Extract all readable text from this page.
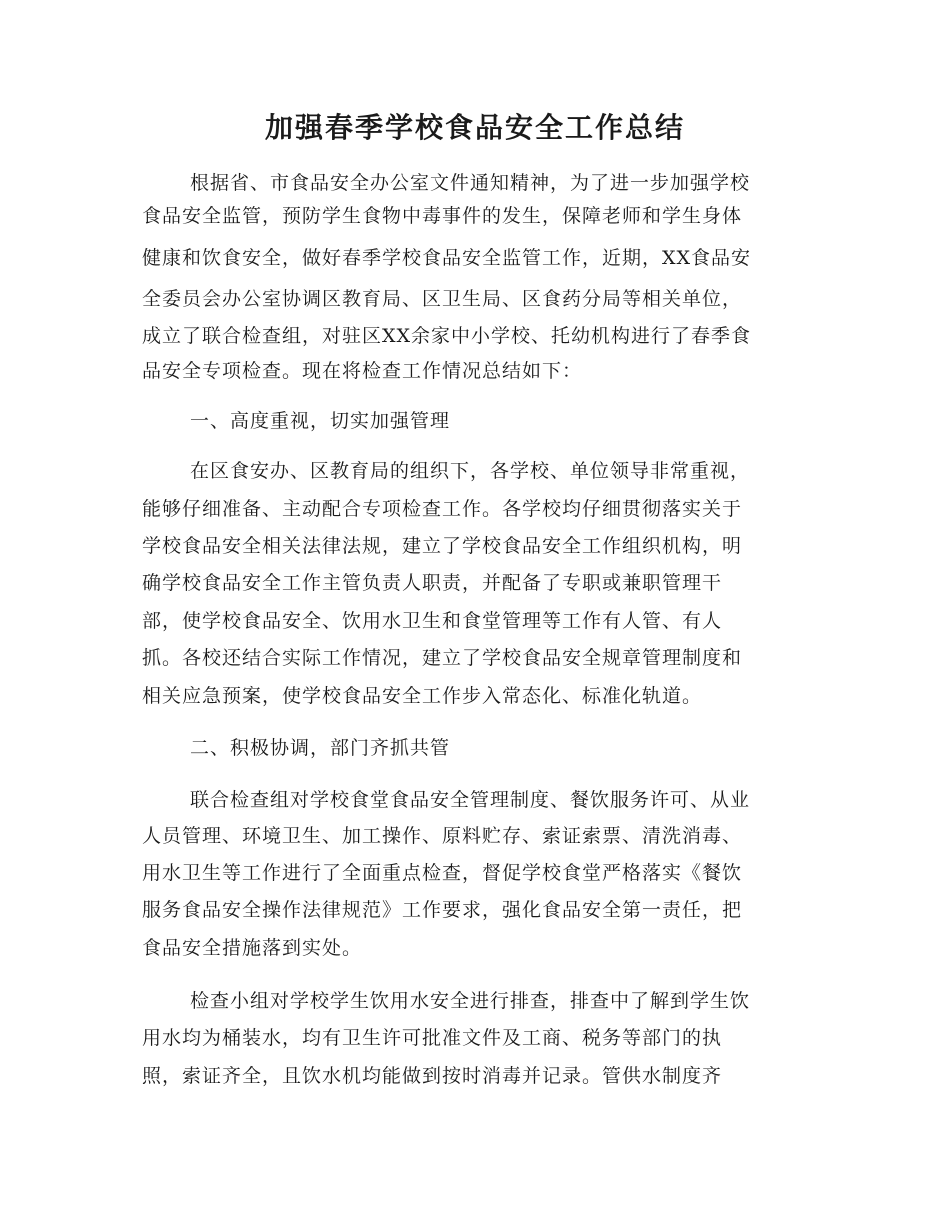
加强春季学校食品安全工作总结
根据省、市食品安全办公室文件通知精神，为了进一步加强学校
食品安全监管，预防学生食物中毒事件的发生，保障老师和学生身体
健康和饮食安全，做好春季学校食品安全监管工作，近期，XX食品安
全委员会办公室协调区教育局、区卫生局、区食药分局等相关单位，
成立了联合检查组，对驻区XX余家中小学校、托幼机构进行了春季食
品安全专项检查。现在将检查工作情况总结如下：
一、高度重视，切实加强管理
在区食安办、区教育局的组织下，各学校、单位领导非常重视，
能够仔细准备、主动配合专项检查工作。各学校均仔细贯彻落实关于
学校食品安全相关法律法规，建立了学校食品安全工作组织机构，明
确学校食品安全工作主管负责人职责，并配备了专职或兼职管理干
部，使学校食品安全、饮用水卫生和食堂管理等工作有人管、有人
抓。各校还结合实际工作情况，建立了学校食品安全规章管理制度和
相关应急预案，使学校食品安全工作步入常态化、标准化轨道。
二、积极协调，部门齐抓共管
联合检查组对学校食堂食品安全管理制度、餐饮服务许可、从业
人员管理、环境卫生、加工操作、原料贮存、索证索票、清洗消毒、
用水卫生等工作进行了全面重点检查，督促学校食堂严格落实《餐饮
服务食品安全操作法律规范》工作要求，强化食品安全第一责任，把
食品安全措施落到实处。
检查小组对学校学生饮用水安全进行排查，排查中了解到学生饮
用水均为桶装水，均有卫生许可批准文件及工商、税务等部门的执
照，索证齐全，且饮水机均能做到按时消毒并记录。管供水制度齐
